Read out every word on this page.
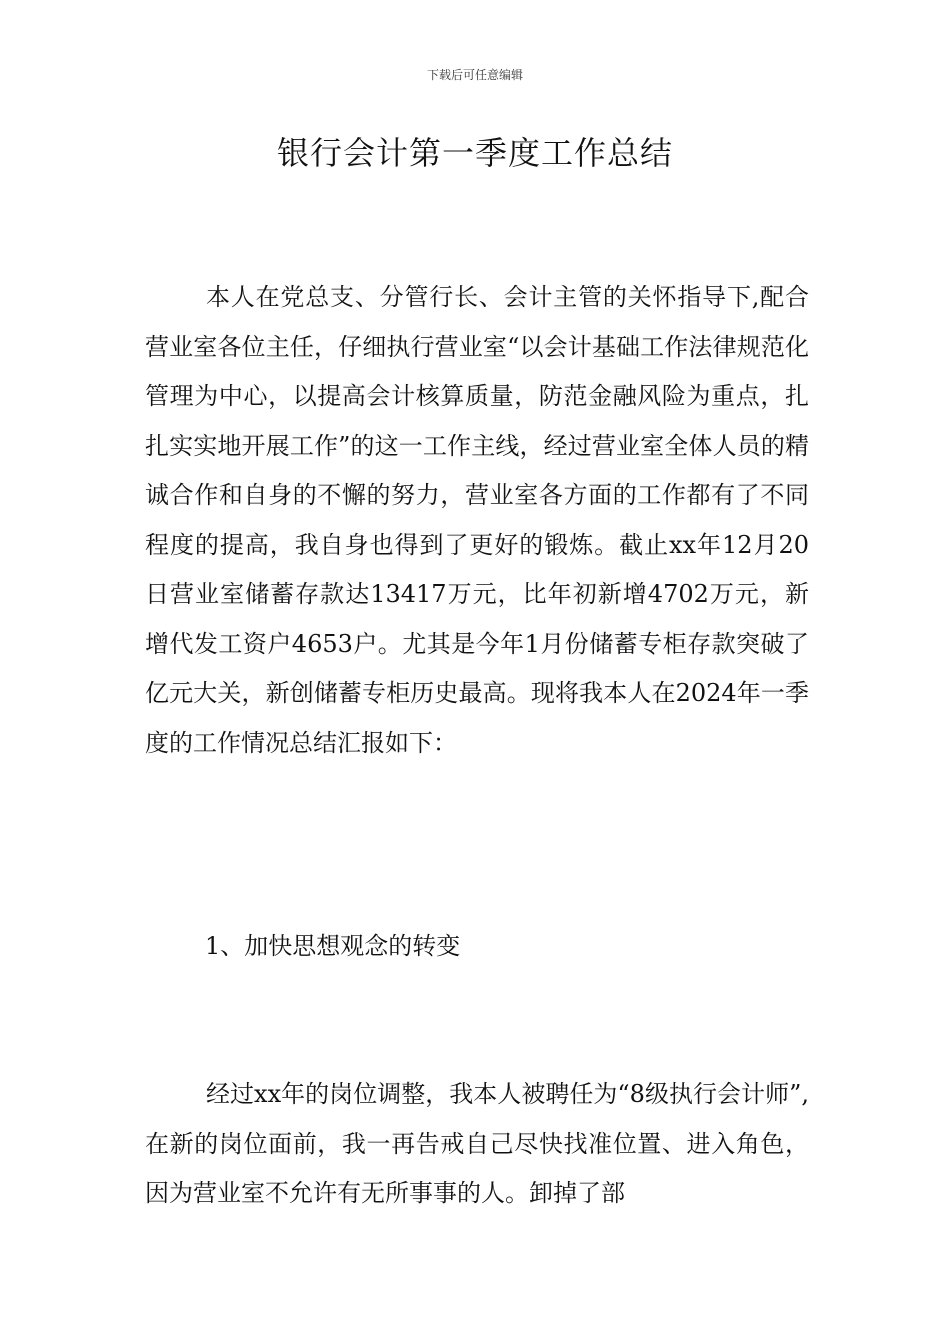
下载后可任意编辑
银行会计第一季度工作总结

本人在党总支、分管行长、会计主管的关怀指导下,配合营业室各位主任，仔细执行营业室“以会计基础工作法律规范化管理为中心，以提高会计核算质量，防范金融风险为重点，扎扎实实地开展工作”的这一工作主线，经过营业室全体人员的精诚合作和自身的不懈的努力，营业室各方面的工作都有了不同程度的提高，我自身也得到了更好的锻炼。截止xx年12月20日营业室储蓄存款达13417万元，比年初新增4702万元，新增代发工资户4653户。尤其是今年1月份储蓄专柜存款突破了亿元大关，新创储蓄专柜历史最高。现将我本人在2024年一季度的工作情况总结汇报如下：

1、加快思想观念的转变

经过xx年的岗位调整，我本人被聘任为“8级执行会计师”,在新的岗位面前，我一再告戒自己尽快找准位置、进入角色，因为营业室不允许有无所事事的人。卸掉了部
